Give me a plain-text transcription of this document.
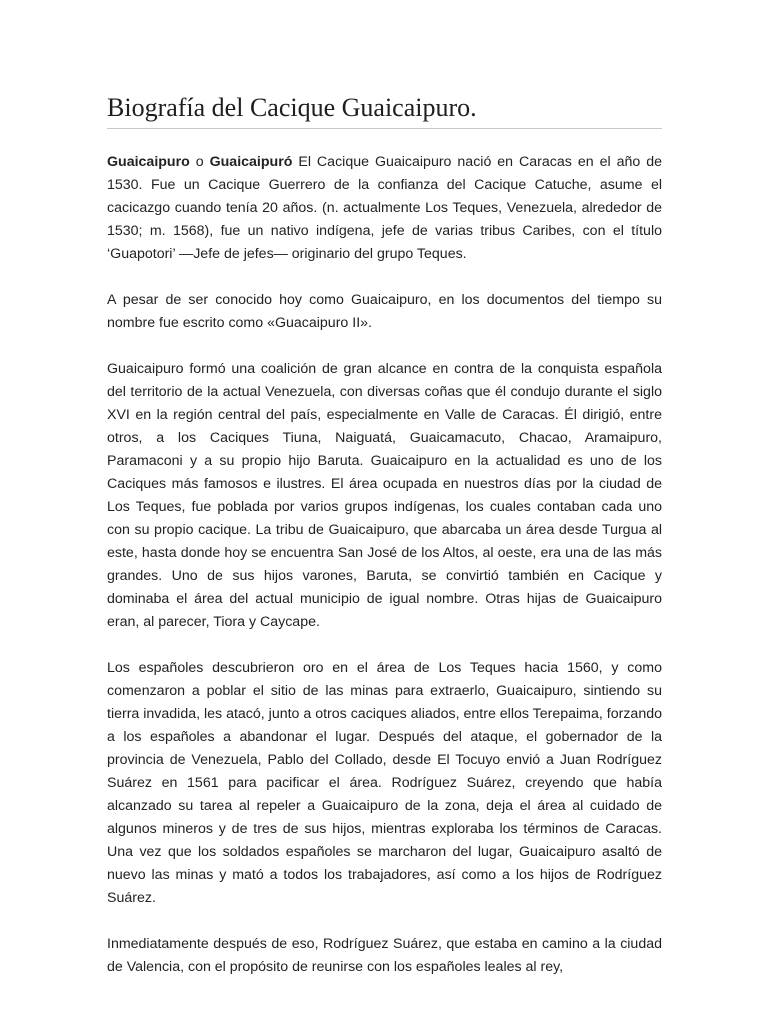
Biografía del Cacique Guaicaipuro.

Guaicaipuro o Guaicaipuró El Cacique Guaicaipuro nació en Caracas en el año de 1530. Fue un Cacique Guerrero de la confianza del Cacique Catuche, asume el cacicazgo cuando tenía 20 años. (n. actualmente Los Teques, Venezuela, alrededor de 1530; m. 1568), fue un nativo indígena, jefe de varias tribus Caribes, con el título ‘Guapotori’ —Jefe de jefes— originario del grupo Teques.

A pesar de ser conocido hoy como Guaicaipuro, en los documentos del tiempo su nombre fue escrito como «Guacaipuro II».

Guaicaipuro formó una coalición de gran alcance en contra de la conquista española del territorio de la actual Venezuela, con diversas coñas que él condujo durante el siglo XVI en la región central del país, especialmente en Valle de Caracas. Él dirigió, entre otros, a los Caciques Tiuna, Naiguatá, Guaicamacuto, Chacao, Aramaipuro, Paramaconi y a su propio hijo Baruta. Guaicaipuro en la actualidad es uno de los Caciques más famosos e ilustres. El área ocupada en nuestros días por la ciudad de Los Teques, fue poblada por varios grupos indígenas, los cuales contaban cada uno con su propio cacique. La tribu de Guaicaipuro, que abarcaba un área desde Turgua al este, hasta donde hoy se encuentra San José de los Altos, al oeste, era una de las más grandes. Uno de sus hijos varones, Baruta, se convirtió también en Cacique y dominaba el área del actual municipio de igual nombre. Otras hijas de Guaicaipuro eran, al parecer, Tiora y Caycape.

Los españoles descubrieron oro en el área de Los Teques hacia 1560, y como comenzaron a poblar el sitio de las minas para extraerlo, Guaicaipuro, sintiendo su tierra invadida, les atacó, junto a otros caciques aliados, entre ellos Terepaima, forzando a los españoles a abandonar el lugar. Después del ataque, el gobernador de la provincia de Venezuela, Pablo del Collado, desde El Tocuyo envió a Juan Rodríguez Suárez en 1561 para pacificar el área. Rodríguez Suárez, creyendo que había alcanzado su tarea al repeler a Guaicaipuro de la zona, deja el área al cuidado de algunos mineros y de tres de sus hijos, mientras exploraba los términos de Caracas. Una vez que los soldados españoles se marcharon del lugar, Guaicaipuro asaltó de nuevo las minas y mató a todos los trabajadores, así como a los hijos de Rodríguez Suárez.

Inmediatamente después de eso, Rodríguez Suárez, que estaba en camino a la ciudad de Valencia, con el propósito de reunirse con los españoles leales al rey,
